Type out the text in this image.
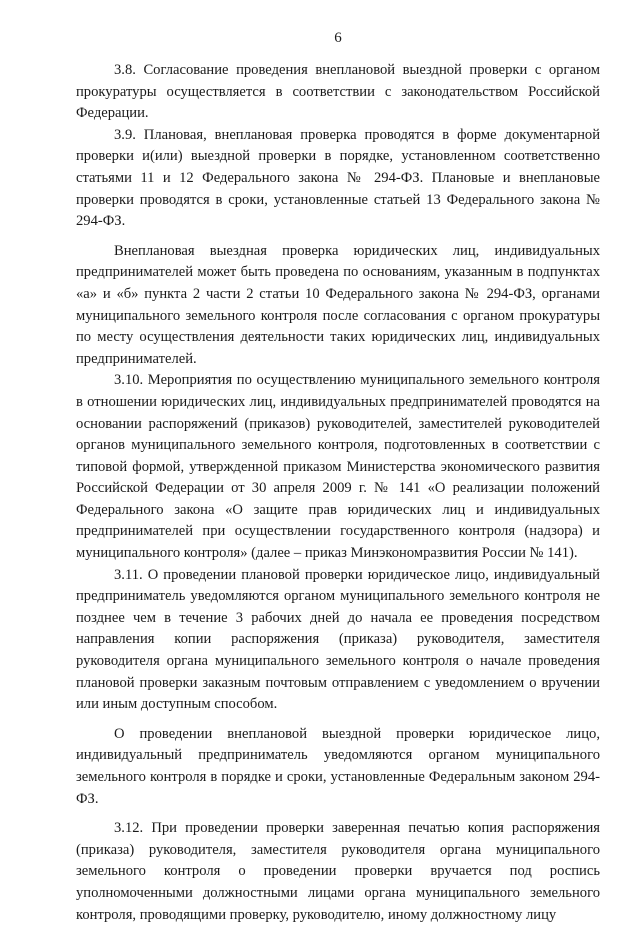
6

3.8. Согласование проведения внеплановой выездной проверки с органом прокуратуры осуществляется в соответствии с законодательством Российской Федерации.

3.9. Плановая, внеплановая проверка проводятся в форме документарной проверки и(или) выездной проверки в порядке, установленном соответственно статьями 11 и 12 Федерального закона № 294-ФЗ. Плановые и внеплановые проверки проводятся в сроки, установленные статьей 13 Федерального закона № 294-ФЗ.

Внеплановая выездная проверка юридических лиц, индивидуальных предпринимателей может быть проведена по основаниям, указанным в подпунктах «а» и «б» пункта 2 части 2 статьи 10 Федерального закона № 294-ФЗ, органами муниципального земельного контроля после согласования с органом прокуратуры по месту осуществления деятельности таких юридических лиц, индивидуальных предпринимателей.

3.10. Мероприятия по осуществлению муниципального земельного контроля в отношении юридических лиц, индивидуальных предпринимателей проводятся на основании распоряжений (приказов) руководителей, заместителей руководителей органов муниципального земельного контроля, подготовленных в соответствии с типовой формой, утвержденной приказом Министерства экономического развития Российской Федерации от 30 апреля 2009 г. № 141 «О реализации положений Федерального закона «О защите прав юридических лиц и индивидуальных предпринимателей при осуществлении государственного контроля (надзора) и муниципального контроля» (далее – приказ Минэкономразвития России № 141).

3.11. О проведении плановой проверки юридическое лицо, индивидуальный предприниматель уведомляются органом муниципального земельного контроля не позднее чем в течение 3 рабочих дней до начала ее проведения посредством направления копии распоряжения (приказа) руководителя, заместителя руководителя органа муниципального земельного контроля о начале проведения плановой проверки заказным почтовым отправлением с уведомлением о вручении или иным доступным способом.

О проведении внеплановой выездной проверки юридическое лицо, индивидуальный предприниматель уведомляются органом муниципального земельного контроля в порядке и сроки, установленные Федеральным законом 294-ФЗ.

3.12. При проведении проверки заверенная печатью копия распоряжения (приказа) руководителя, заместителя руководителя органа муниципального земельного контроля о проведении проверки вручается под роспись уполномоченными должностными лицами органа муниципального земельного контроля, проводящими проверку, руководителю, иному должностному лицу
